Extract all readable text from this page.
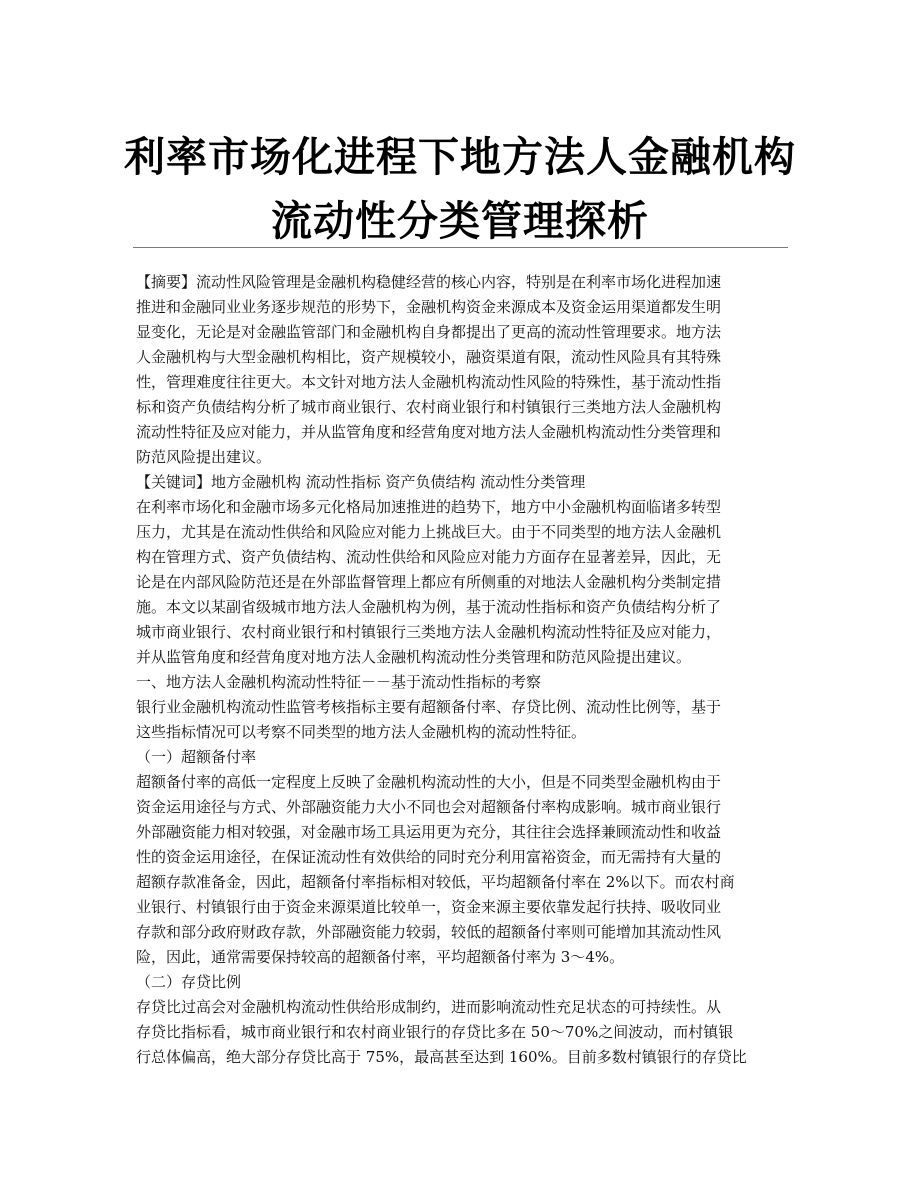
利率市场化进程下地方法人金融机构
流动性分类管理探析
【摘要】流动性风险管理是金融机构稳健经营的核心内容，特别是在利率市场化进程加速
推进和金融同业业务逐步规范的形势下，金融机构资金来源成本及资金运用渠道都发生明
显变化，无论是对金融监管部门和金融机构自身都提出了更高的流动性管理要求。地方法
人金融机构与大型金融机构相比，资产规模较小，融资渠道有限，流动性风险具有其特殊
性，管理难度往往更大。本文针对地方法人金融机构流动性风险的特殊性，基于流动性指
标和资产负债结构分析了城市商业银行、农村商业银行和村镇银行三类地方法人金融机构
流动性特征及应对能力，并从监管角度和经营角度对地方法人金融机构流动性分类管理和
防范风险提出建议。
【关键词】地方金融机构 流动性指标 资产负债结构 流动性分类管理
在利率市场化和金融市场多元化格局加速推进的趋势下，地方中小金融机构面临诸多转型
压力，尤其是在流动性供给和风险应对能力上挑战巨大。由于不同类型的地方法人金融机
构在管理方式、资产负债结构、流动性供给和风险应对能力方面存在显著差异，因此，无
论是在内部风险防范还是在外部监督管理上都应有所侧重的对地法人金融机构分类制定措
施。本文以某副省级城市地方法人金融机构为例，基于流动性指标和资产负债结构分析了
城市商业银行、农村商业银行和村镇银行三类地方法人金融机构流动性特征及应对能力，
并从监管角度和经营角度对地方法人金融机构流动性分类管理和防范风险提出建议。
一、地方法人金融机构流动性特征－－基于流动性指标的考察
银行业金融机构流动性监管考核指标主要有超额备付率、存贷比例、流动性比例等，基于
这些指标情况可以考察不同类型的地方法人金融机构的流动性特征。
（一）超额备付率
超额备付率的高低一定程度上反映了金融机构流动性的大小，但是不同类型金融机构由于
资金运用途径与方式、外部融资能力大小不同也会对超额备付率构成影响。城市商业银行
外部融资能力相对较强，对金融市场工具运用更为充分，其往往会选择兼顾流动性和收益
性的资金运用途径，在保证流动性有效供给的同时充分利用富裕资金，而无需持有大量的
超额存款准备金，因此，超额备付率指标相对较低，平均超额备付率在 2%以下。而农村商
业银行、村镇银行由于资金来源渠道比较单一，资金来源主要依靠发起行扶持、吸收同业
存款和部分政府财政存款，外部融资能力较弱，较低的超额备付率则可能增加其流动性风
险，因此，通常需要保持较高的超额备付率，平均超额备付率为 3～4%。
（二）存贷比例
存贷比过高会对金融机构流动性供给形成制约，进而影响流动性充足状态的可持续性。从
存贷比指标看，城市商业银行和农村商业银行的存贷比多在 50～70%之间波动，而村镇银
行总体偏高，绝大部分存贷比高于 75%，最高甚至达到 160%。目前多数村镇银行的存贷比
